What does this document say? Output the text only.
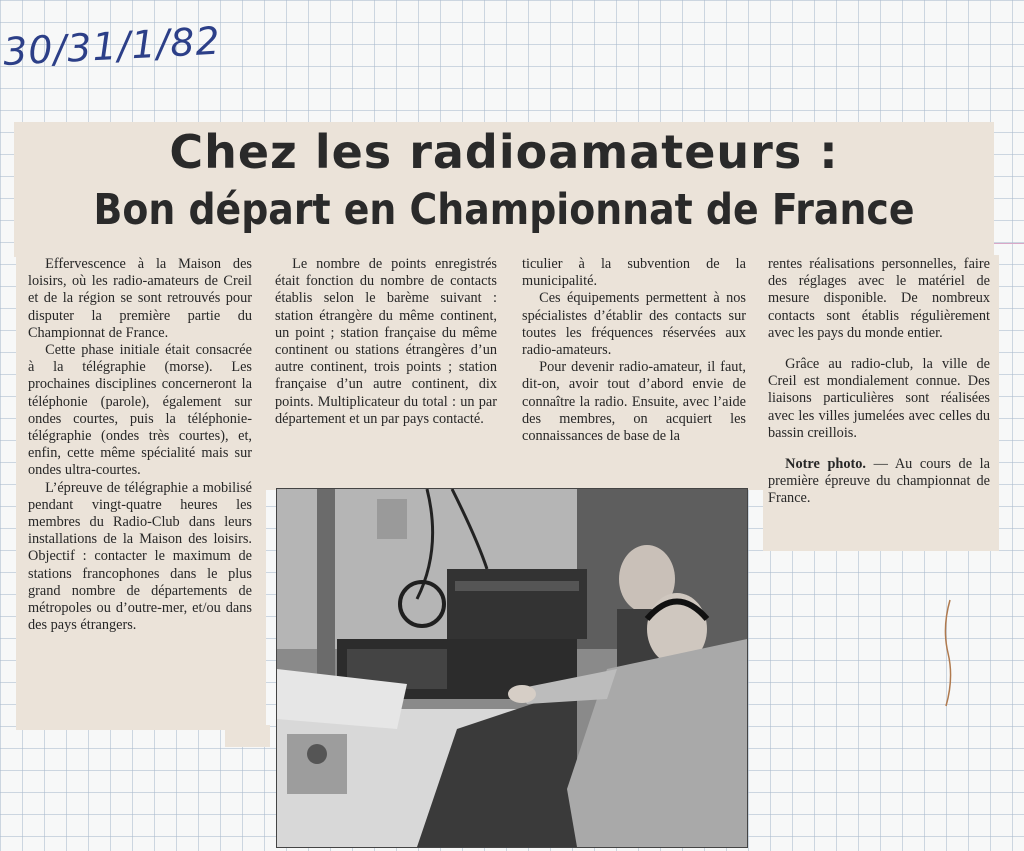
30/31/1/82
Chez les radioamateurs :
Bon départ en Championnat de France

Effervescence à la Maison des loisirs, où les radio-amateurs de Creil et de la région se sont retrouvés pour disputer la première partie du Championnat de France.

Cette phase initiale était consacrée à la télégraphie (morse). Les prochaines disciplines concerneront la téléphonie (parole), également sur ondes courtes, puis la téléphonie-télégraphie (ondes très courtes), et, enfin, cette même spécialité mais sur ondes ultra-courtes.

L’épreuve de télégraphie a mobilisé pendant vingt-quatre heures les membres du Radio-Club dans leurs installations de la Maison des loisirs. Objectif : contacter le maximum de stations francophones dans le plus grand nombre de départements de métropoles ou d’outre-mer, et/ou dans des pays étrangers.

Le nombre de points enregistrés était fonction du nombre de contacts établis selon le barème suivant : station étrangère du même continent, un point ; station française du même continent ou stations étrangères d’un autre continent, trois points ; station française d’un autre continent, dix points. Multiplicateur du total : un par département et un par pays contacté.

ticulier à la subvention de la municipalité.

Ces équipements permettent à nos spécialistes d’établir des contacts sur toutes les fréquences réservées aux radio-amateurs.

Pour devenir radio-amateur, il faut, dit-on, avoir tout d’abord envie de connaître la radio. Ensuite, avec l’aide des membres, on acquiert les connaissances de base de la

rentes réalisations personnelles, faire des réglages avec le matériel de mesure disponible. De nombreux contacts sont établis régulièrement avec les pays du monde entier.

Grâce au radio-club, la ville de Creil est mondialement connue. Des liaisons particulières sont réalisées avec les villes jumelées avec celles du bassin creillois.

Notre photo. — Au cours de la première épreuve du championnat de France.
